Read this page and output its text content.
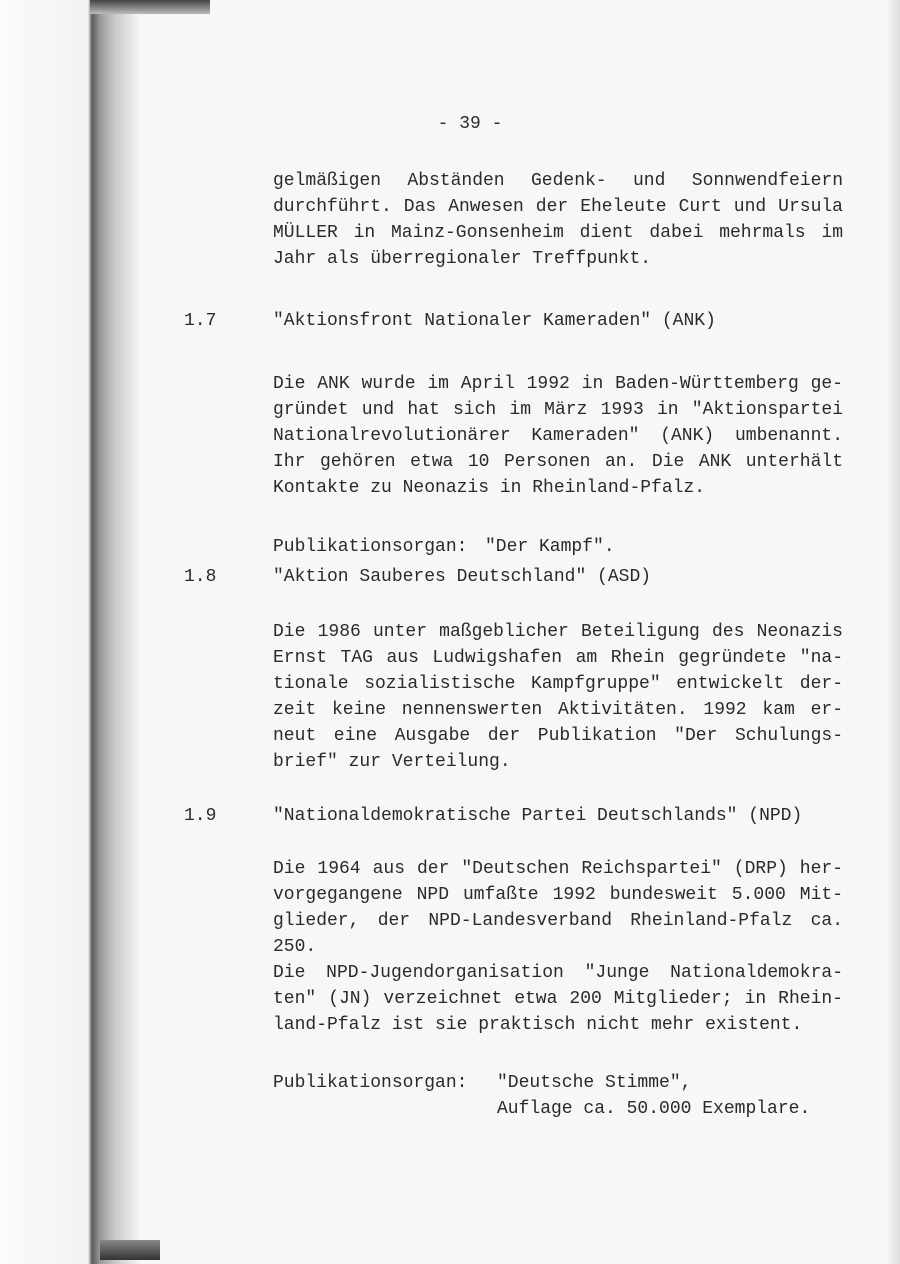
- 39 -
gelmäßigen Abständen Gedenk- und Sonnwendfeiern
durchführt. Das Anwesen der Eheleute Curt und Ursula
MÜLLER in Mainz-Gonsenheim dient dabei mehrmals im
Jahr als überregionaler Treffpunkt.
1.7	"Aktionsfront Nationaler Kameraden" (ANK)
Die ANK wurde im April 1992 in Baden-Württemberg ge-
gründet und hat sich im März 1993 in "Aktionspartei
Nationalrevolutionärer Kameraden" (ANK) umbenannt.
Ihr gehören etwa 10 Personen an. Die ANK unterhält
Kontakte zu Neonazis in Rheinland-Pfalz.
Publikationsorgan: "Der Kampf".
1.8	"Aktion Sauberes Deutschland" (ASD)
Die 1986 unter maßgeblicher Beteiligung des Neonazis
Ernst TAG aus Ludwigshafen am Rhein gegründete "na-
tionale sozialistische Kampfgruppe" entwickelt der-
zeit keine nennenswerten Aktivitäten. 1992 kam er-
neut eine Ausgabe der Publikation "Der Schulungs-
brief" zur Verteilung.
1.9	"Nationaldemokratische Partei Deutschlands" (NPD)
Die 1964 aus der "Deutschen Reichspartei" (DRP) her-
vorgegangene NPD umfaßte 1992 bundesweit 5.000 Mit-
glieder, der NPD-Landesverband Rheinland-Pfalz ca.
250.
Die NPD-Jugendorganisation "Junge Nationaldemokra-
ten" (JN) verzeichnet etwa 200 Mitglieder; in Rhein-
land-Pfalz ist sie praktisch nicht mehr existent.
Publikationsorgan:	"Deutsche Stimme",
Auflage ca. 50.000 Exemplare.
